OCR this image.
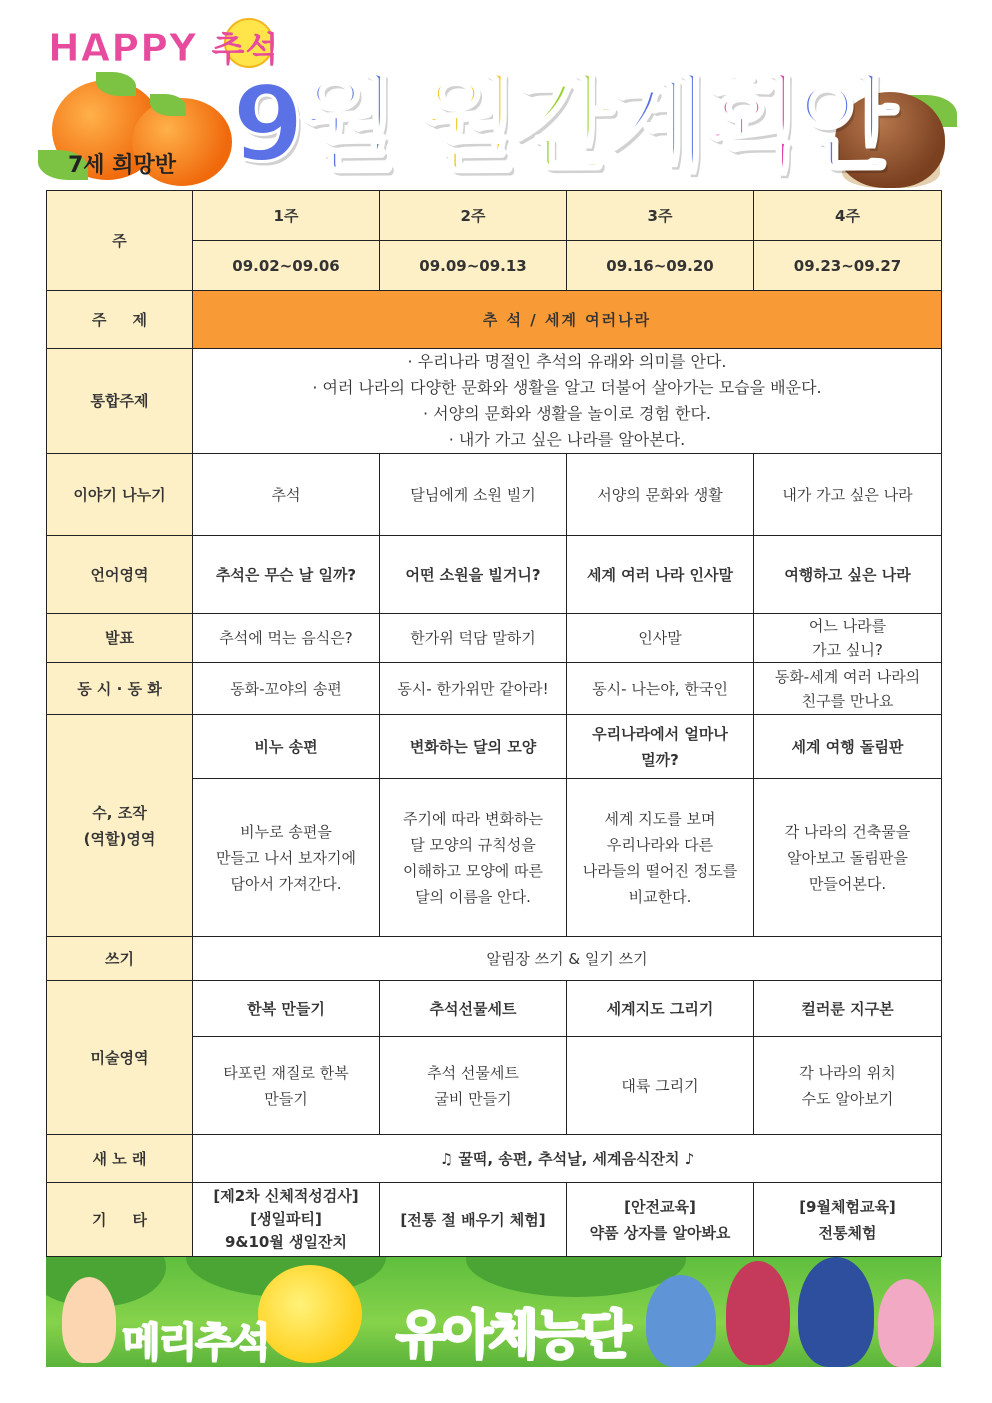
HAPPY 추석
9월 월간계획안
7세 희망반
주	1주	2주	3주	4주
	09.02~09.06	09.09~09.13	09.16~09.20	09.23~09.27
주     제	추 석 / 세계 여러나라			
통합주제	· 우리나라 명절인 추석의 유래와 의미를 안다.
· 여러 나라의 다양한 문화와 생활을 알고 더불어 살아가는 모습을 배운다.
· 서양의 문화와 생활을 놀이로 경험 한다.
· 내가 가고 싶은 나라를 알아본다.

이야기 나누기	추석	달님에게 소원 빌기	서양의 문화와 생활	내가 가고 싶은 나라
언어영역	추석은 무슨 날 일까?	어떤 소원을 빌거니?	세계 여러 나라 인사말	여행하고 싶은 나라
발표	추석에 먹는 음식은?	한가위 덕담 말하기	인사말	어느 나라를
가고 싶니?

동 시 · 동 화	동화-꼬야의 송편	동시- 한가위만 같아라!	동시- 나는야, 한국인	동화-세계 여러 나라의
친구를 만나요

수, 조작
(역할)영역	비누 송편	변화하는 달의 모양	우리나라에서 얼마나
멀까?	세계 여행 돌림판

	비누로 송편을
만들고 나서 보자기에
담아서 가져간다.	주기에 따라 변화하는
달 모양의 규칙성을
이해하고 모양에 따른
달의 이름을 안다.	세계 지도를 보며
우리나라와 다른
나라들의 떨어진 정도를
비교한다.	각 나라의 건축물을
알아보고 돌림판을
만들어본다.

쓰기	알림장 쓰기 & 일기 쓰기			
미술영역	한복 만들기	추석선물세트	세계지도 그리기	컬러룬 지구본

	타포린 재질로 한복
만들기	추석 선물세트
굴비 만들기	대륙 그리기	각 나라의 위치
수도 알아보기

새 노 래	♫ 꿀떡, 송편, 추석날, 세계음식잔치 ♪			
기     타	[제2차 신체적성검사]
[생일파티]
9&10월 생일잔치	[전통 절 배우기 체험]	[안전교육]
약품 상자를 알아봐요	[9월체험교육]
전통체험
메리추석 유아체능단
